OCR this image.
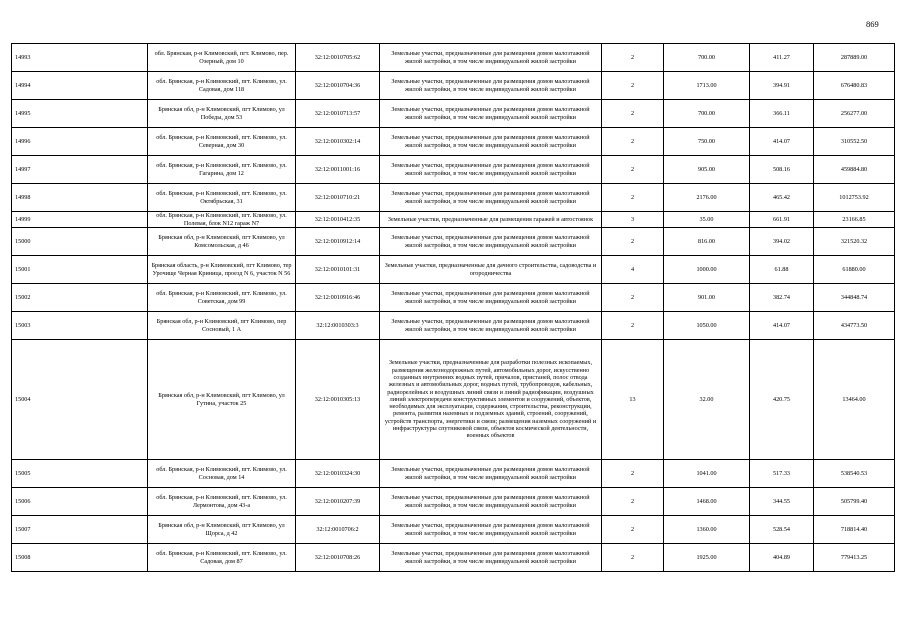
869
14993	обл. Брянская, р-н Климовский, пгт. Климово, пер. Озерный, дом 10	32:12:0010705:62	Земельные участки, предназначенные для размещения домов малоэтажной жилой застройки, в том числе индивидуальной жилой застройки	2	700.00	411.27	287889.00
14994	обл. Брянская, р-н Климовский, пгт. Климово, ул. Садовая, дом 118	32:12:0010704:36	Земельные участки, предназначенные для размещения домов малоэтажной жилой застройки, в том числе индивидуальной жилой застройки	2	1713.00	394.91	676480.83
14995	Брянская обл, р-н Климовский, пгт Климово, ул Победы, дом 53	32:12:0010713:57	Земельные участки, предназначенные для размещения домов малоэтажной жилой застройки, в том числе индивидуальной жилой застройки	2	700.00	366.11	256277.00
14996	обл. Брянская, р-н Климовский, пгт. Климово, ул. Северная, дом 30	32:12:0010302:14	Земельные участки, предназначенные для размещения домов малоэтажной жилой застройки, в том числе индивидуальной жилой застройки	2	750.00	414.07	310552.50
14997	обл. Брянская, р-н Климовский, пгт. Климово, ул. Гагарина, дом 12	32:12:0011001:16	Земельные участки, предназначенные для размещения домов малоэтажной жилой застройки, в том числе индивидуальной жилой застройки	2	905.00	508.16	459884.80
14998	обл. Брянская, р-н Климовский, пгт. Климово, ул. Октябрьская, 31	32:12:0010710:21	Земельные участки, предназначенные для размещения домов малоэтажной жилой застройки, в том числе индивидуальной жилой застройки	2	2176.00	465.42	1012753.92
14999	обл. Брянская, р-н Климовский, пгт. Климово, ул. Полевая, блок N12 гараж N7	32:12:0010412:35	Земельные участки, предназначенные для размещения гаражей и автостоянок	3	35.00	661.91	23166.85
15000	Брянская обл, р-н Климовский, пгт Климово, ул Комсомольская, д 46	32:12:0010912:14	Земельные участки, предназначенные для размещения домов малоэтажной жилой застройки, в том числе индивидуальной жилой застройки	2	816.00	394.02	321520.32
15001	Брянская область, р-н Климовский, пгт Климово, тер Урочище Черная Криница, проезд N 6, участок N 56	32:12:0010101:31	Земельные участки, предназначенные для дачного строительства, садоводства и огородничества	4	1000.00	61.88	61880.00
15002	обл. Брянская, р-н Климовский, пгт. Климово, ул. Советская, дом 99	32:12:0010916:46	Земельные участки, предназначенные для размещения домов малоэтажной жилой застройки, в том числе индивидуальной жилой застройки	2	901.00	382.74	344848.74
15003	Брянская обл, р-н Климовский, пгт Климово, пер Сосновый, 1 А	32:12:0010303:3	Земельные участки, предназначенные для размещения домов малоэтажной жилой застройки, в том числе индивидуальной жилой застройки	2	1050.00	414.07	434773.50
15004	Брянская обл, р-н Климовский, пгт Климово, ул Гутина, участок 25	32:12:0010305:13	Земельные участки, предназначенные для разработки полезных ископаемых, размещения железнодорожных путей, автомобильных дорог, искусственно созданных внутренних водных путей, причалов, пристаней, полос отвода железных и автомобильных дорог, водных путей, трубопроводов, кабельных, радиорелейных и воздушных линий связи и линий радиофикации, воздушных линий электропередачи конструктивных элементов и сооружений, объектов, необходимых для эксплуатации, содержания, строительства, реконструкции, ремонта, развития наземных и подземных зданий, строений, сооружений, устройств транспорта, энергетики и связи; размещения наземных сооружений и инфраструктуры спутниковой связи, объектов космической деятельности, военных объектов	13	32.00	420.75	13464.00
15005	обл. Брянская, р-н Климовский, пгт. Климово, ул. Сосновая, дом 14	32:12:0010324:30	Земельные участки, предназначенные для размещения домов малоэтажной жилой застройки, в том числе индивидуальной жилой застройки	2	1041.00	517.33	538540.53
15006	обл. Брянская, р-н Климовский, пгт. Климово, ул. Лермонтова, дом 43-а	32:12:0010207:39	Земельные участки, предназначенные для размещения домов малоэтажной жилой застройки, в том числе индивидуальной жилой застройки	2	1468.00	344.55	505799.40
15007	Брянская обл, р-н Климовский, пгт Климово, ул Щорса, д 42	32:12:0010706:2	Земельные участки, предназначенные для размещения домов малоэтажной жилой застройки, в том числе индивидуальной жилой застройки	2	1360.00	528.54	718814.40
15008	обл. Брянская, р-н Климовский, пгт. Климово, ул. Садовая, дом 87	32:12:0010708:26	Земельные участки, предназначенные для размещения домов малоэтажной жилой застройки, в том числе индивидуальной жилой застройки	2	1925.00	404.89	779413.25
